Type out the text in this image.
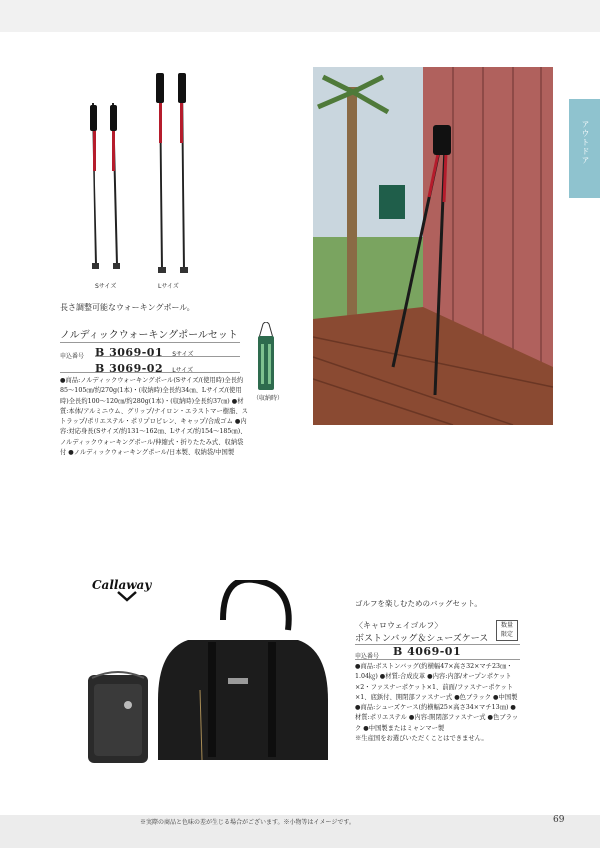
アウトドア
Sサイズ	Lサイズ
長さ調整可能なウォーキングポール。
ノルディックウォーキングポールセット
申込番号 B 3069-01 Sサイズ
B 3069-02 Lサイズ
●商品:ノルディックウォーキングポール(Sサイズ/(使用時)全長約85～105㎝/約270g(1本)・(収納時)全長約34㎝、Lサイズ/(使用時)全長約100～120㎝/約280g(1本)・(収納時)全長約37㎝) ●材質:本体/アルミニウム、グリップ/ナイロン・エラストマー樹脂、ストラップ/ポリエステル・ポリプロピレン、キャップ/合成ゴム ●内容:対応身長(Sサイズ/約131～162㎝、Lサイズ/約154～185㎝)、ノルディックウォーキングポール/伸縮式・折りたたみ式、収納袋付 ●ノルディックウォーキングポール/日本製、収納袋/中国製
（収納時）
Callaway
ゴルフを楽しむためのバッグセット。
〈キャロウェイゴルフ〉
ボストンバッグ＆シューズケース
数量
限定
申込番号 B 4069-01
●商品:ボストンバッグ(約横幅47×高さ32×マチ23㎝・1.04㎏) ●材質:合成皮革 ●内容:内部/オープンポケット×2・ファスナーポケット×1、前面/ファスナーポケット×1、底鋲付、開閉部ファスナー式 ●色ブラック ●中国製 ●商品:シューズケース(約横幅25×高さ34×マチ13㎝) ●材質:ポリエステル ●内容:開閉部ファスナー式 ●色ブラック ●中国製またはミャンマー製
※生産国をお選びいただくことはできません。
※実際の商品と色味の差が生じる場合がございます。※小物等はイメージです。	69
